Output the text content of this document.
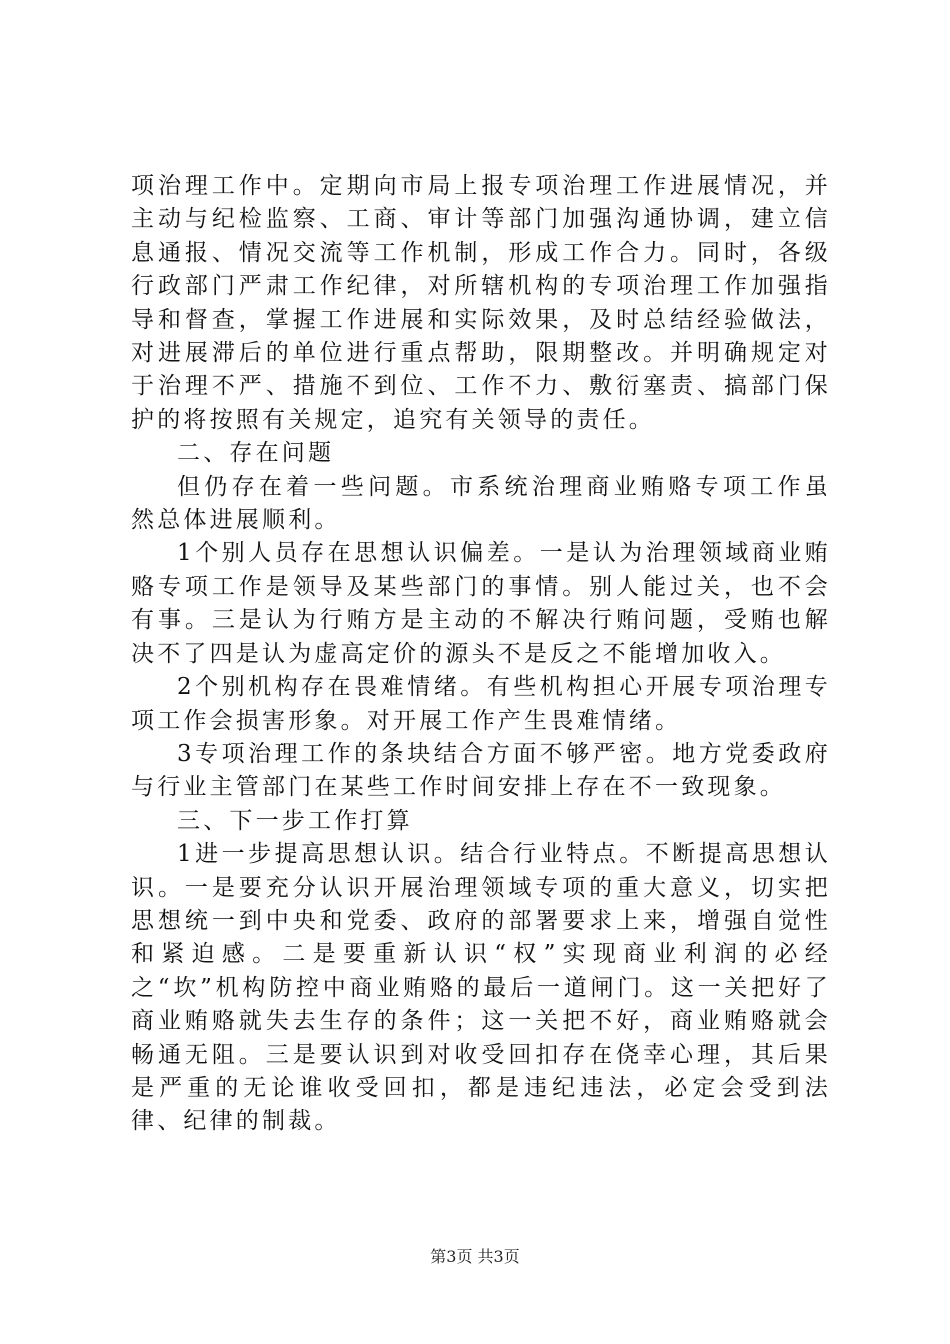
项治理工作中。定期向市局上报专项治理工作进展情况，并主动与纪检监察、工商、审计等部门加强沟通协调，建立信息通报、情况交流等工作机制，形成工作合力。同时，各级行政部门严肃工作纪律，对所辖机构的专项治理工作加强指导和督查，掌握工作进展和实际效果，及时总结经验做法，对进展滞后的单位进行重点帮助，限期整改。并明确规定对于治理不严、措施不到位、工作不力、敷衍塞责、搞部门保护的将按照有关规定，追究有关领导的责任。

二、存在问题

但仍存在着一些问题。市系统治理商业贿赂专项工作虽然总体进展顺利。

1个别人员存在思想认识偏差。一是认为治理领域商业贿赂专项工作是领导及某些部门的事情。别人能过关，也不会有事。三是认为行贿方是主动的不解决行贿问题，受贿也解决不了四是认为虚高定价的源头不是反之不能增加收入。

2个别机构存在畏难情绪。有些机构担心开展专项治理专项工作会损害形象。对开展工作产生畏难情绪。

3专项治理工作的条块结合方面不够严密。地方党委政府与行业主管部门在某些工作时间安排上存在不一致现象。

三、下一步工作打算

1进一步提高思想认识。结合行业特点。不断提高思想认识。一是要充分认识开展治理领域专项的重大意义，切实把思想统一到中央和党委、政府的部署要求上来，增强自觉性和紧迫感。二是要重新认识“权”实现商业利润的必经之“坎”机构防控中商业贿赂的最后一道闸门。这一关把好了商业贿赂就失去生存的条件；这一关把不好，商业贿赂就会畅通无阻。三是要认识到对收受回扣存在侥幸心理，其后果是严重的无论谁收受回扣，都是违纪违法，必定会受到法律、纪律的制裁。

第3页 共3页
